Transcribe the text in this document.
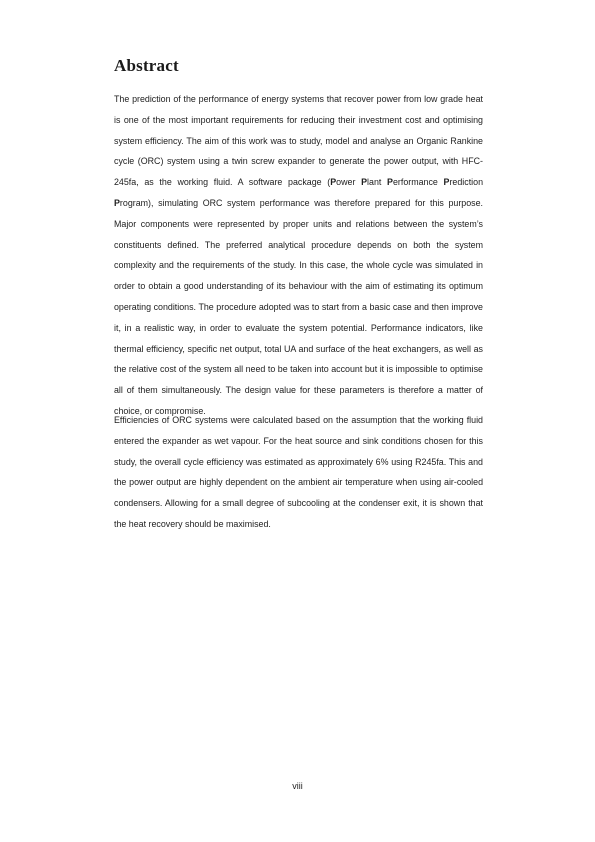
Abstract

The prediction of the performance of energy systems that recover power from low grade heat is one of the most important requirements for reducing their investment cost and optimising system efficiency. The aim of this work was to study, model and analyse an Organic Rankine cycle (ORC) system using a twin screw expander to generate the power output, with HFC-245fa, as the working fluid. A software package (Power Plant Performance Prediction Program), simulating ORC system performance was therefore prepared for this purpose. Major components were represented by proper units and relations between the system’s constituents defined. The preferred analytical procedure depends on both the system complexity and the requirements of the study. In this case, the whole cycle was simulated in order to obtain a good understanding of its behaviour with the aim of estimating its optimum operating conditions. The procedure adopted was to start from a basic case and then improve it, in a realistic way, in order to evaluate the system potential. Performance indicators, like thermal efficiency, specific net output, total UA and surface of the heat exchangers, as well as the relative cost of the system all need to be taken into account but it is impossible to optimise all of them simultaneously. The design value for these parameters is therefore a matter of choice, or compromise.

Efficiencies of ORC systems were calculated based on the assumption that the working fluid entered the expander as wet vapour. For the heat source and sink conditions chosen for this study, the overall cycle efficiency was estimated as approximately 6% using R245fa. This and the power output are highly dependent on the ambient air temperature when using air-cooled condensers. Allowing for a small degree of subcooling at the condenser exit, it is shown that the heat recovery should be maximised.

viii
